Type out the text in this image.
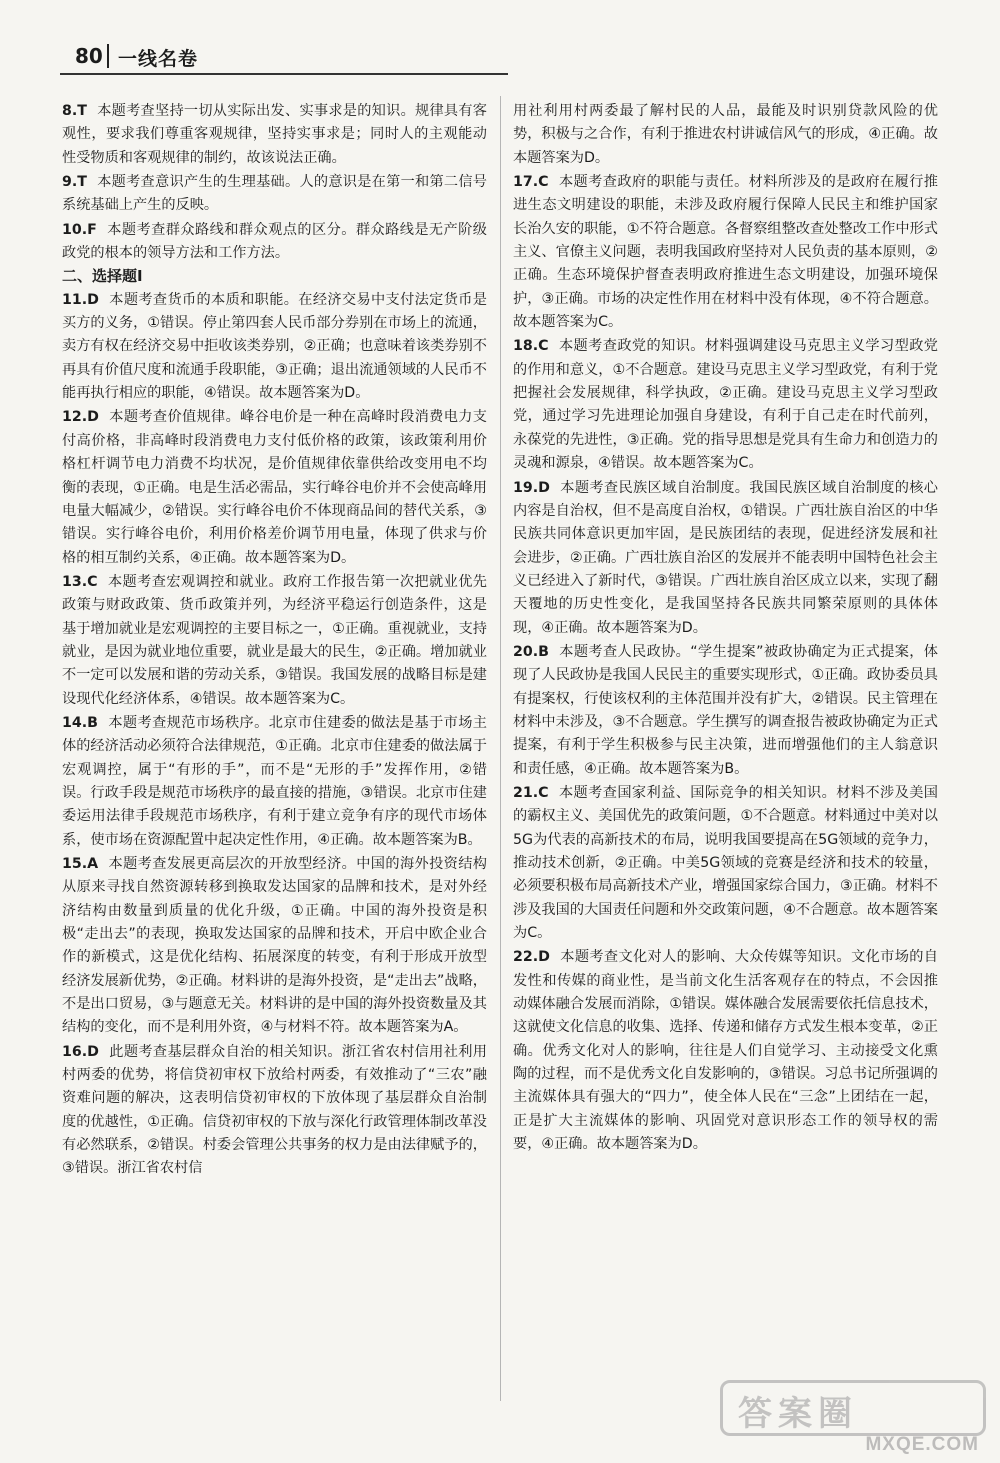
80 一线名卷

8.T 本题考查坚持一切从实际出发、实事求是的知识。规律具有客观性，要求我们尊重客观规律，坚持实事求是；同时人的主观能动性受物质和客观规律的制约，故该说法正确。

9.T 本题考查意识产生的生理基础。人的意识是在第一和第二信号系统基础上产生的反映。

10.F 本题考查群众路线和群众观点的区分。群众路线是无产阶级政党的根本的领导方法和工作方法。

二、选择题Ⅰ

11.D 本题考查货币的本质和职能。在经济交易中支付法定货币是买方的义务，①错误。停止第四套人民币部分券别在市场上的流通，卖方有权在经济交易中拒收该类券别，②正确；也意味着该类券别不再具有价值尺度和流通手段职能，③正确；退出流通领域的人民币不能再执行相应的职能，④错误。故本题答案为D。

12.D 本题考查价值规律。峰谷电价是一种在高峰时段消费电力支付高价格，非高峰时段消费电力支付低价格的政策，该政策利用价格杠杆调节电力消费不均状况，是价值规律依靠供给改变用电不均衡的表现，①正确。电是生活必需品，实行峰谷电价并不会使高峰用电量大幅减少，②错误。实行峰谷电价不体现商品间的替代关系，③错误。实行峰谷电价，利用价格差价调节用电量，体现了供求与价格的相互制约关系，④正确。故本题答案为D。

13.C 本题考查宏观调控和就业。政府工作报告第一次把就业优先政策与财政政策、货币政策并列，为经济平稳运行创造条件，这是基于增加就业是宏观调控的主要目标之一，①正确。重视就业，支持就业，是因为就业地位重要，就业是最大的民生，②正确。增加就业不一定可以发展和谐的劳动关系，③错误。我国发展的战略目标是建设现代化经济体系，④错误。故本题答案为C。

14.B 本题考查规范市场秩序。北京市住建委的做法是基于市场主体的经济活动必须符合法律规范，①正确。北京市住建委的做法属于宏观调控，属于“有形的手”，而不是“无形的手”发挥作用，②错误。行政手段是规范市场秩序的最直接的措施，③错误。北京市住建委运用法律手段规范市场秩序，有利于建立竞争有序的现代市场体系，使市场在资源配置中起决定性作用，④正确。故本题答案为B。

15.A 本题考查发展更高层次的开放型经济。中国的海外投资结构从原来寻找自然资源转移到换取发达国家的品牌和技术，是对外经济结构由数量到质量的优化升级，①正确。中国的海外投资是积极“走出去”的表现，换取发达国家的品牌和技术，开启中欧企业合作的新模式，这是优化结构、拓展深度的转变，有利于形成开放型经济发展新优势，②正确。材料讲的是海外投资，是“走出去”战略，不是出口贸易，③与题意无关。材料讲的是中国的海外投资数量及其结构的变化，而不是利用外资，④与材料不符。故本题答案为A。

16.D 此题考查基层群众自治的相关知识。浙江省农村信用社利用村两委的优势，将信贷初审权下放给村两委，有效推动了“三农”融资难问题的解决，这表明信贷初审权的下放体现了基层群众自治制度的优越性，①正确。信贷初审权的下放与深化行政管理体制改革没有必然联系，②错误。村委会管理公共事务的权力是由法律赋予的，③错误。浙江省农村信

用社利用村两委最了解村民的人品，最能及时识别贷款风险的优势，积极与之合作，有利于推进农村讲诚信风气的形成，④正确。故本题答案为D。

17.C 本题考查政府的职能与责任。材料所涉及的是政府在履行推进生态文明建设的职能，未涉及政府履行保障人民民主和维护国家长治久安的职能，①不符合题意。各督察组整改查处整改工作中形式主义、官僚主义问题，表明我国政府坚持对人民负责的基本原则，②正确。生态环境保护督查表明政府推进生态文明建设，加强环境保护，③正确。市场的决定性作用在材料中没有体现，④不符合题意。故本题答案为C。

18.C 本题考查政党的知识。材料强调建设马克思主义学习型政党的作用和意义，①不合题意。建设马克思主义学习型政党，有利于党把握社会发展规律，科学执政，②正确。建设马克思主义学习型政党，通过学习先进理论加强自身建设，有利于自己走在时代前列，永葆党的先进性，③正确。党的指导思想是党具有生命力和创造力的灵魂和源泉，④错误。故本题答案为C。

19.D 本题考查民族区域自治制度。我国民族区域自治制度的核心内容是自治权，但不是高度自治权，①错误。广西壮族自治区的中华民族共同体意识更加牢固，是民族团结的表现，促进经济发展和社会进步，②正确。广西壮族自治区的发展并不能表明中国特色社会主义已经进入了新时代，③错误。广西壮族自治区成立以来，实现了翻天覆地的历史性变化，是我国坚持各民族共同繁荣原则的具体体现，④正确。故本题答案为D。

20.B 本题考查人民政协。“学生提案”被政协确定为正式提案，体现了人民政协是我国人民民主的重要实现形式，①正确。政协委员具有提案权，行使该权利的主体范围并没有扩大，②错误。民主管理在材料中未涉及，③不合题意。学生撰写的调查报告被政协确定为正式提案，有利于学生积极参与民主决策，进而增强他们的主人翁意识和责任感，④正确。故本题答案为B。

21.C 本题考查国家利益、国际竞争的相关知识。材料不涉及美国的霸权主义、美国优先的政策问题，①不合题意。材料通过中美对以5G为代表的高新技术的布局，说明我国要提高在5G领域的竞争力，推动技术创新，②正确。中美5G领域的竞赛是经济和技术的较量，必须要积极布局高新技术产业，增强国家综合国力，③正确。材料不涉及我国的大国责任问题和外交政策问题，④不合题意。故本题答案为C。

22.D 本题考查文化对人的影响、大众传媒等知识。文化市场的自发性和传媒的商业性，是当前文化生活客观存在的特点，不会因推动媒体融合发展而消除，①错误。媒体融合发展需要依托信息技术，这就使文化信息的收集、选择、传递和储存方式发生根本变革，②正确。优秀文化对人的影响，往往是人们自觉学习、主动接受文化熏陶的过程，而不是优秀文化自发影响的，③错误。习总书记所强调的主流媒体具有强大的“四力”，使全体人民在“三念”上团结在一起，正是扩大主流媒体的影响、巩固党对意识形态工作的领导权的需要，④正确。故本题答案为D。

答案圈
MXQE.COM
